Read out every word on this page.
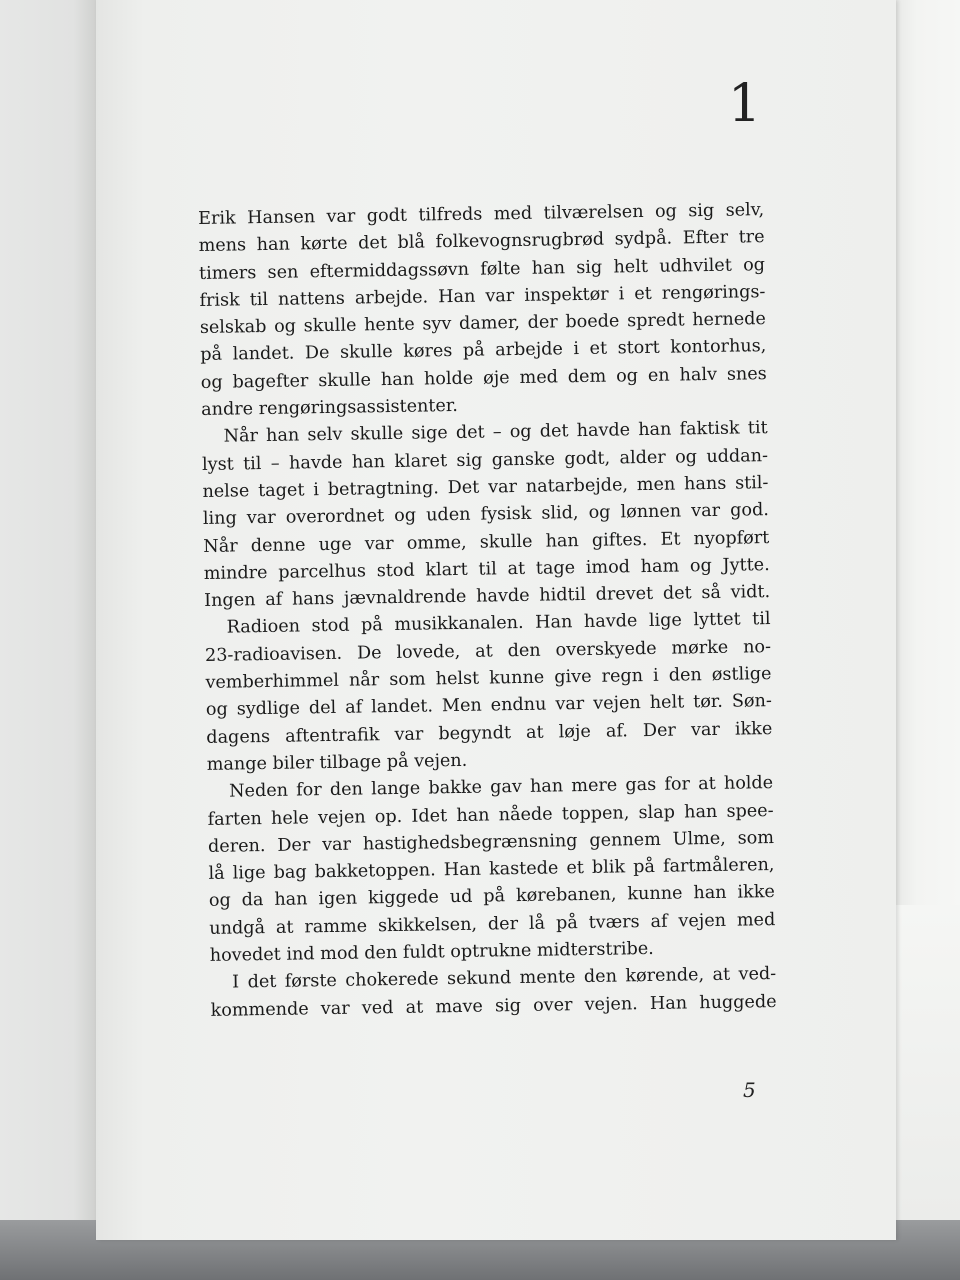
1
Erik Hansen var godt tilfreds med tilværelsen og sig selv,
mens han kørte det blå folkevognsrugbrød sydpå. Efter tre
timers sen eftermiddagssøvn følte han sig helt udhvilet og
frisk til nattens arbejde. Han var inspektør i et rengørings-
selskab og skulle hente syv damer, der boede spredt hernede
på landet. De skulle køres på arbejde i et stort kontorhus,
og bagefter skulle han holde øje med dem og en halv snes
andre rengøringsassistenter.
Når han selv skulle sige det – og det havde han faktisk tit
lyst til – havde han klaret sig ganske godt, alder og uddan-
nelse taget i betragtning. Det var natarbejde, men hans stil-
ling var overordnet og uden fysisk slid, og lønnen var god.
Når denne uge var omme, skulle han giftes. Et nyopført
mindre parcelhus stod klart til at tage imod ham og Jytte.
Ingen af hans jævnaldrende havde hidtil drevet det så vidt.
Radioen stod på musikkanalen. Han havde lige lyttet til
23-radioavisen. De lovede, at den overskyede mørke no-
vemberhimmel når som helst kunne give regn i den østlige
og sydlige del af landet. Men endnu var vejen helt tør. Søn-
dagens aftentrafik var begyndt at løje af. Der var ikke
mange biler tilbage på vejen.
Neden for den lange bakke gav han mere gas for at holde
farten hele vejen op. Idet han nåede toppen, slap han spee-
deren. Der var hastighedsbegrænsning gennem Ulme, som
lå lige bag bakketoppen. Han kastede et blik på fartmåleren,
og da han igen kiggede ud på kørebanen, kunne han ikke
undgå at ramme skikkelsen, der lå på tværs af vejen med
hovedet ind mod den fuldt optrukne midterstribe.
I det første chokerede sekund mente den kørende, at ved-
kommende var ved at mave sig over vejen. Han huggede
5
